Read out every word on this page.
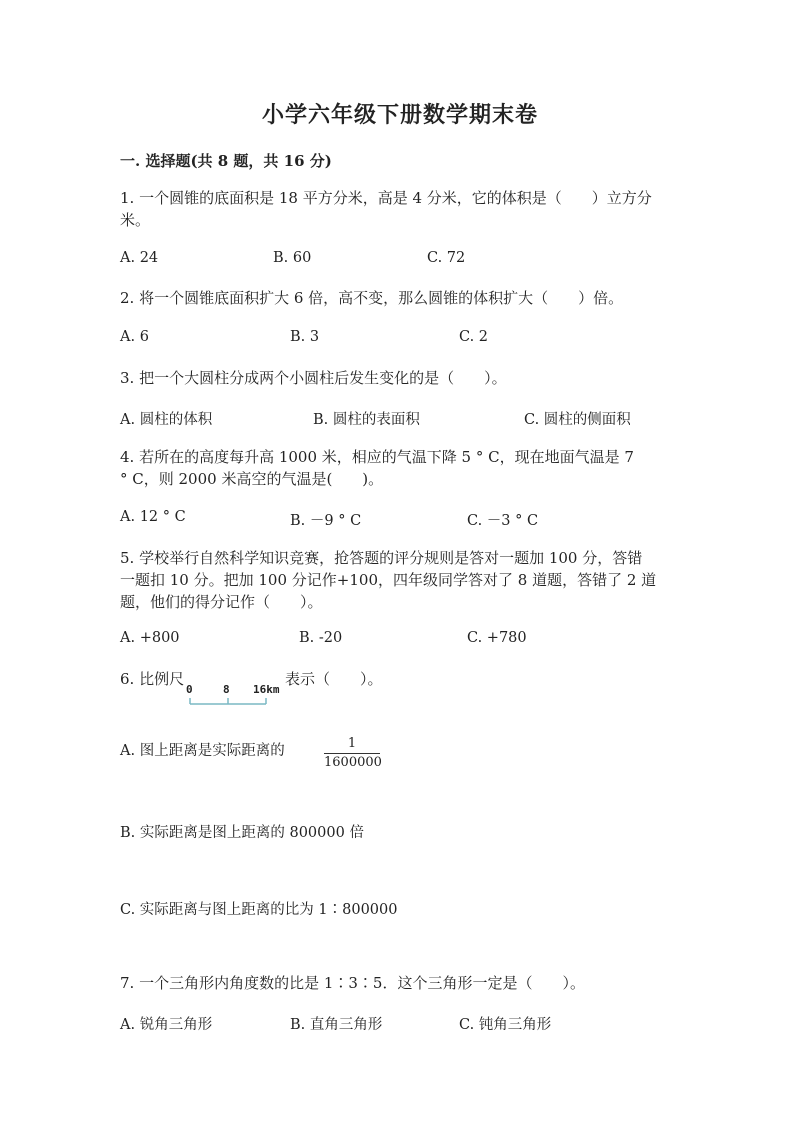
小学六年级下册数学期末卷
一. 选择题(共 8 题，共 16 分)
1. 一个圆锥的底面积是 18 平方分米，高是 4 分米，它的体积是（　　）立方分
米。
A. 24	B. 60	C. 72
2. 将一个圆锥底面积扩大 6 倍，高不变，那么圆锥的体积扩大（　　）倍。
A. 6	B. 3	C. 2
3. 把一个大圆柱分成两个小圆柱后发生变化的是（　　）。
A. 圆柱的体积	B. 圆柱的表面积	C. 圆柱的侧面积
4. 若所在的高度每升高 1000 米，相应的气温下降 5 ° C，现在地面气温是 7
° C，则 2000 米高空的气温是(　　)。
A. 12 ° C	B. －9 ° C	C. －3 ° C
5. 学校举行自然科学知识竞赛，抢答题的评分规则是答对一题加 100 分，答错
一题扣 10 分。把加 100 分记作+100，四年级同学答对了 8 道题，答错了 2 道
题，他们的得分记作（　　）。
A. +800	B. -20	C. +780
6. 比例尺
0	8 16km
表示（　　）。
A. 图上距离是实际距离的	1
1600000
B. 实际距离是图上距离的 800000 倍
C. 实际距离与图上距离的比为 1∶800000
7. 一个三角形内角度数的比是 1∶3∶5．这个三角形一定是（　　）。
A. 锐角三角形	B. 直角三角形	C. 钝角三角形
